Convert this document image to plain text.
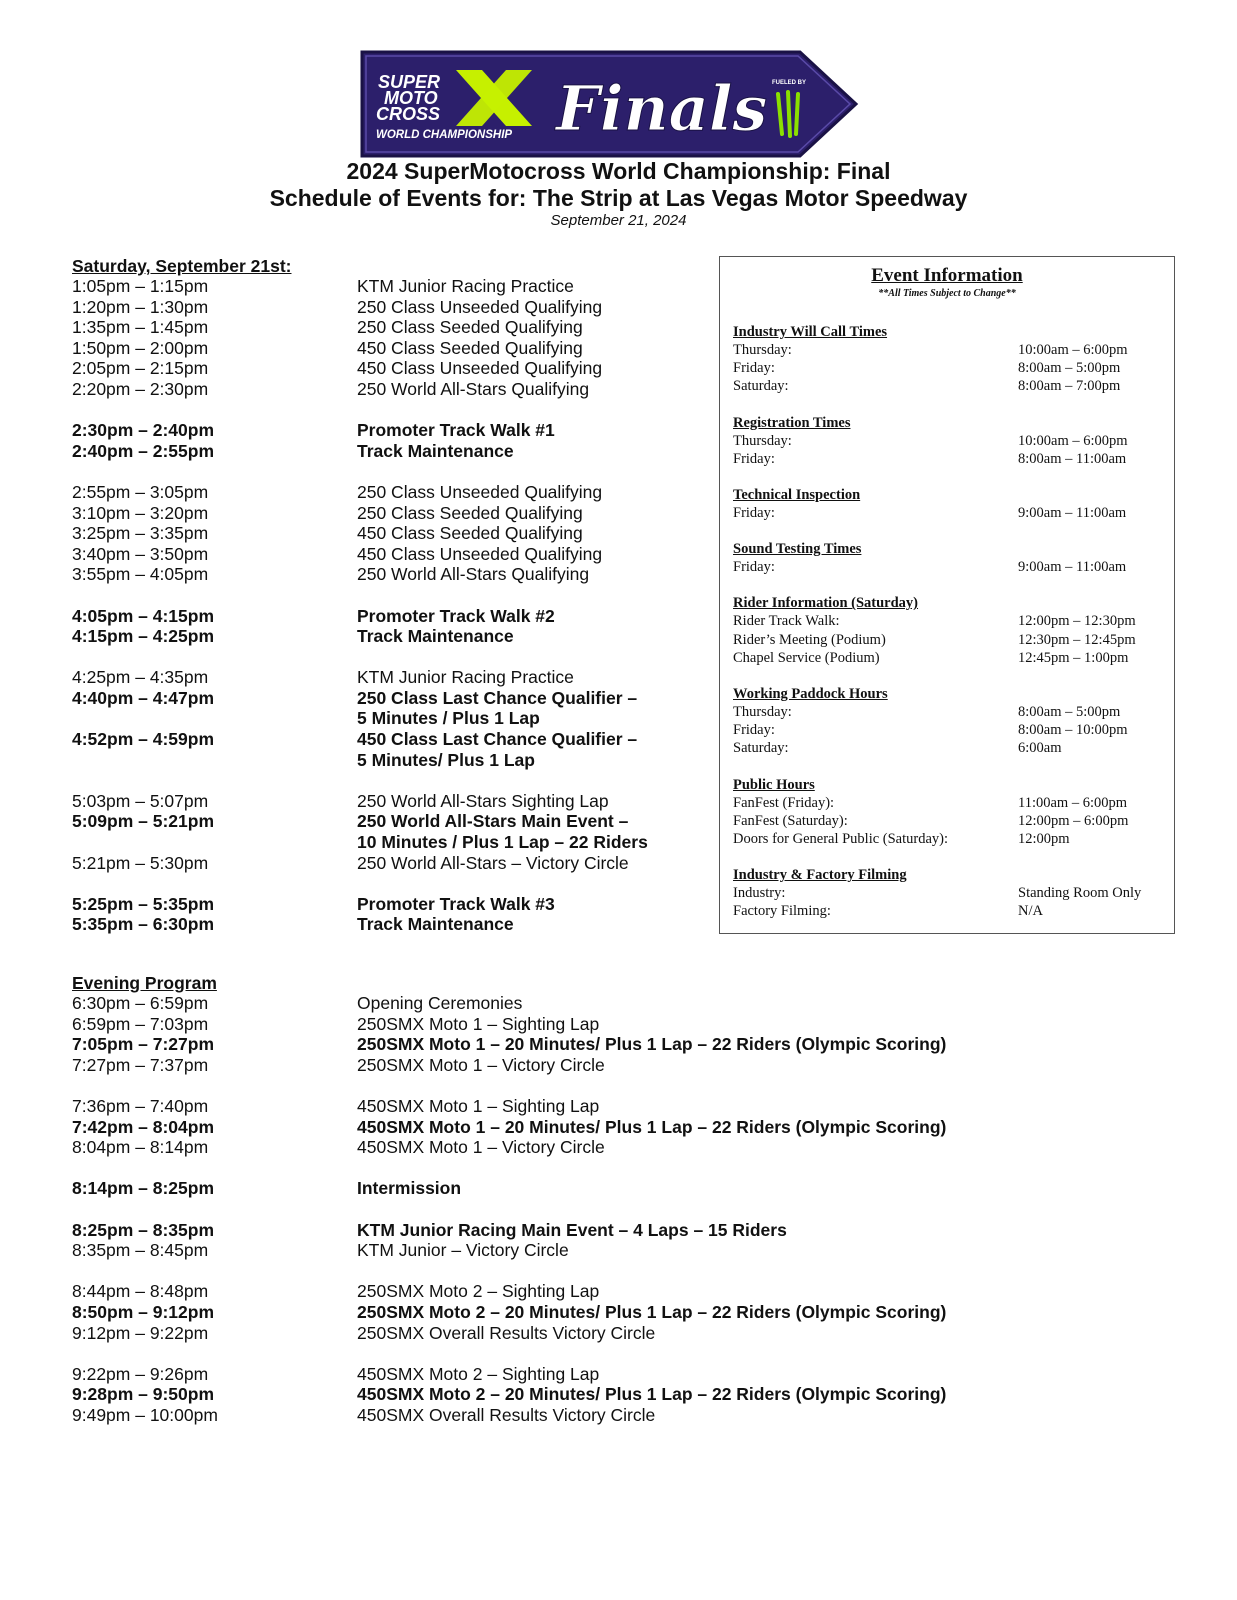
SUPER
MOTO
CROSS
WORLD CHAMPIONSHIP Finals FUELED BY
2024 SuperMotocross World Championship: Final
Schedule of Events for: The Strip at Las Vegas Motor Speedway
September 21, 2024
Saturday, September 21st:
1:05pm – 1:15pm	KTM Junior Racing Practice
1:20pm – 1:30pm	250 Class Unseeded Qualifying
1:35pm – 1:45pm	250 Class Seeded Qualifying
1:50pm – 2:00pm	450 Class Seeded Qualifying
2:05pm – 2:15pm	450 Class Unseeded Qualifying
2:20pm – 2:30pm	250 World All-Stars Qualifying
2:30pm – 2:40pm	Promoter Track Walk #1
2:40pm – 2:55pm	Track Maintenance
2:55pm – 3:05pm	250 Class Unseeded Qualifying
3:10pm – 3:20pm	250 Class Seeded Qualifying
3:25pm – 3:35pm	450 Class Seeded Qualifying
3:40pm – 3:50pm	450 Class Unseeded Qualifying
3:55pm – 4:05pm	250 World All-Stars Qualifying
4:05pm – 4:15pm	Promoter Track Walk #2
4:15pm – 4:25pm	Track Maintenance
4:25pm – 4:35pm	KTM Junior Racing Practice
4:40pm – 4:47pm	250 Class Last Chance Qualifier –
5 Minutes / Plus 1 Lap
4:52pm – 4:59pm	450 Class Last Chance Qualifier –
5 Minutes/ Plus 1 Lap
5:03pm – 5:07pm	250 World All-Stars Sighting Lap
5:09pm – 5:21pm	250 World All-Stars Main Event –
10 Minutes / Plus 1 Lap – 22 Riders
5:21pm – 5:30pm	250 World All-Stars – Victory Circle
5:25pm – 5:35pm	Promoter Track Walk #3
5:35pm – 6:30pm	Track Maintenance
Evening Program
6:30pm – 6:59pm	Opening Ceremonies
6:59pm – 7:03pm	250SMX Moto 1 – Sighting Lap
7:05pm – 7:27pm	250SMX Moto 1 – 20 Minutes/ Plus 1 Lap – 22 Riders (Olympic Scoring)
7:27pm – 7:37pm	250SMX Moto 1 – Victory Circle
7:36pm – 7:40pm	450SMX Moto 1 – Sighting Lap
7:42pm – 8:04pm	450SMX Moto 1 – 20 Minutes/ Plus 1 Lap – 22 Riders (Olympic Scoring)
8:04pm – 8:14pm	450SMX Moto 1 – Victory Circle
8:14pm – 8:25pm	Intermission
8:25pm – 8:35pm	KTM Junior Racing Main Event – 4 Laps – 15 Riders
8:35pm – 8:45pm	KTM Junior – Victory Circle
8:44pm – 8:48pm	250SMX Moto 2 – Sighting Lap
8:50pm – 9:12pm	250SMX Moto 2 – 20 Minutes/ Plus 1 Lap – 22 Riders (Olympic Scoring)
9:12pm – 9:22pm	250SMX Overall Results Victory Circle
9:22pm – 9:26pm	450SMX Moto 2 – Sighting Lap
9:28pm – 9:50pm	450SMX Moto 2 – 20 Minutes/ Plus 1 Lap – 22 Riders (Olympic Scoring)
9:49pm – 10:00pm	450SMX Overall Results Victory Circle
Event Information
**All Times Subject to Change**
Industry Will Call Times
Thursday:	10:00am – 6:00pm
Friday:	8:00am – 5:00pm
Saturday:	8:00am – 7:00pm
Registration Times
Thursday:	10:00am – 6:00pm
Friday:	8:00am – 11:00am
Technical Inspection
Friday:	9:00am – 11:00am
Sound Testing Times
Friday:	9:00am – 11:00am
Rider Information (Saturday)
Rider Track Walk:	12:00pm – 12:30pm
Rider’s Meeting (Podium)	12:30pm – 12:45pm
Chapel Service (Podium)	12:45pm – 1:00pm
Working Paddock Hours
Thursday:	8:00am – 5:00pm
Friday:	8:00am – 10:00pm
Saturday:	6:00am
Public Hours
FanFest (Friday):	11:00am – 6:00pm
FanFest (Saturday):	12:00pm – 6:00pm
Doors for General Public (Saturday):	12:00pm
Industry & Factory Filming
Industry:	Standing Room Only
Factory Filming:	N/A
